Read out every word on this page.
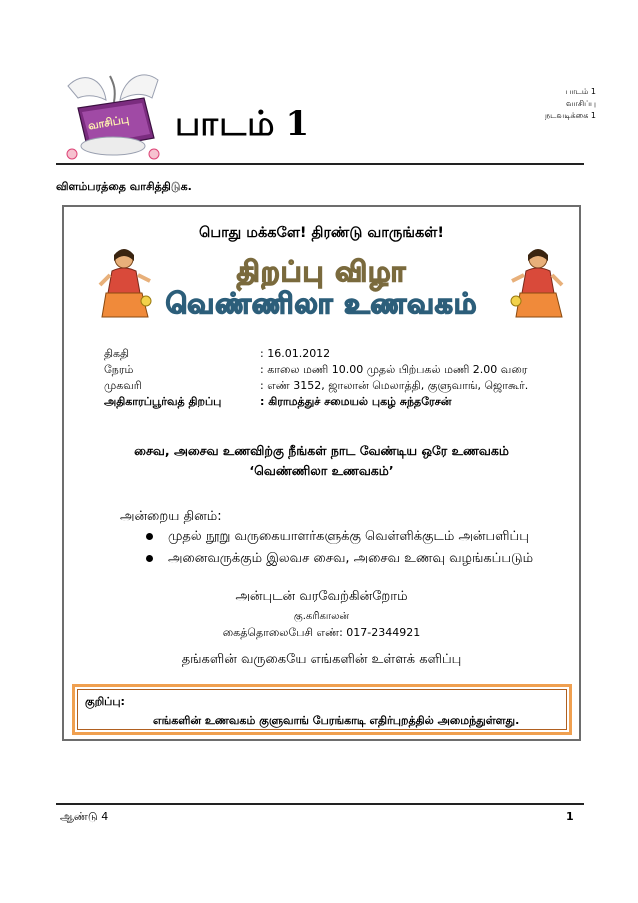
வாசிப்பு பாடம் 1
பாடம் 1
வாசிப்பு
நடவடிக்கை 1
விளம்பரத்தை வாசித்திடுக.
பொது மக்களே! திரண்டு வாருங்கள்!
திறப்பு விழா
வெண்ணிலா உணவகம்
திகதி	: 16.01.2012
நேரம்	: காலை மணி 10.00 முதல் பிற்பகல் மணி 2.00 வரை
முகவரி	: எண் 3152, ஜாலான் மெலாத்தி, குளுவாங், ஜொகூர்.
அதிகாரப்பூர்வத் திறப்பு	: கிராமத்துச் சமையல் புகழ் சுந்தரேசன்
சைவ, அசைவ உணவிற்கு நீங்கள் நாட வேண்டிய ஒரே உணவகம்
‘வெண்ணிலா உணவகம்’
அன்றைய தினம்:
முதல் நூறு வருகையாளர்களுக்கு வெள்ளிக்குடம் அன்பளிப்பு
அனைவருக்கும் இலவச சைவ, அசைவ உணவு வழங்கப்படும்
அன்புடன் வரவேற்கின்றோம்
கு.கரிகாலன்
கைத்தொலைபேசி எண்: 017-2344921
தங்களின் வருகையே எங்களின் உள்ளக் களிப்பு
குறிப்பு:
எங்களின் உணவகம் குளுவாங் பேரங்காடி எதிர்புறத்தில் அமைந்துள்ளது.
ஆண்டு 4	1
